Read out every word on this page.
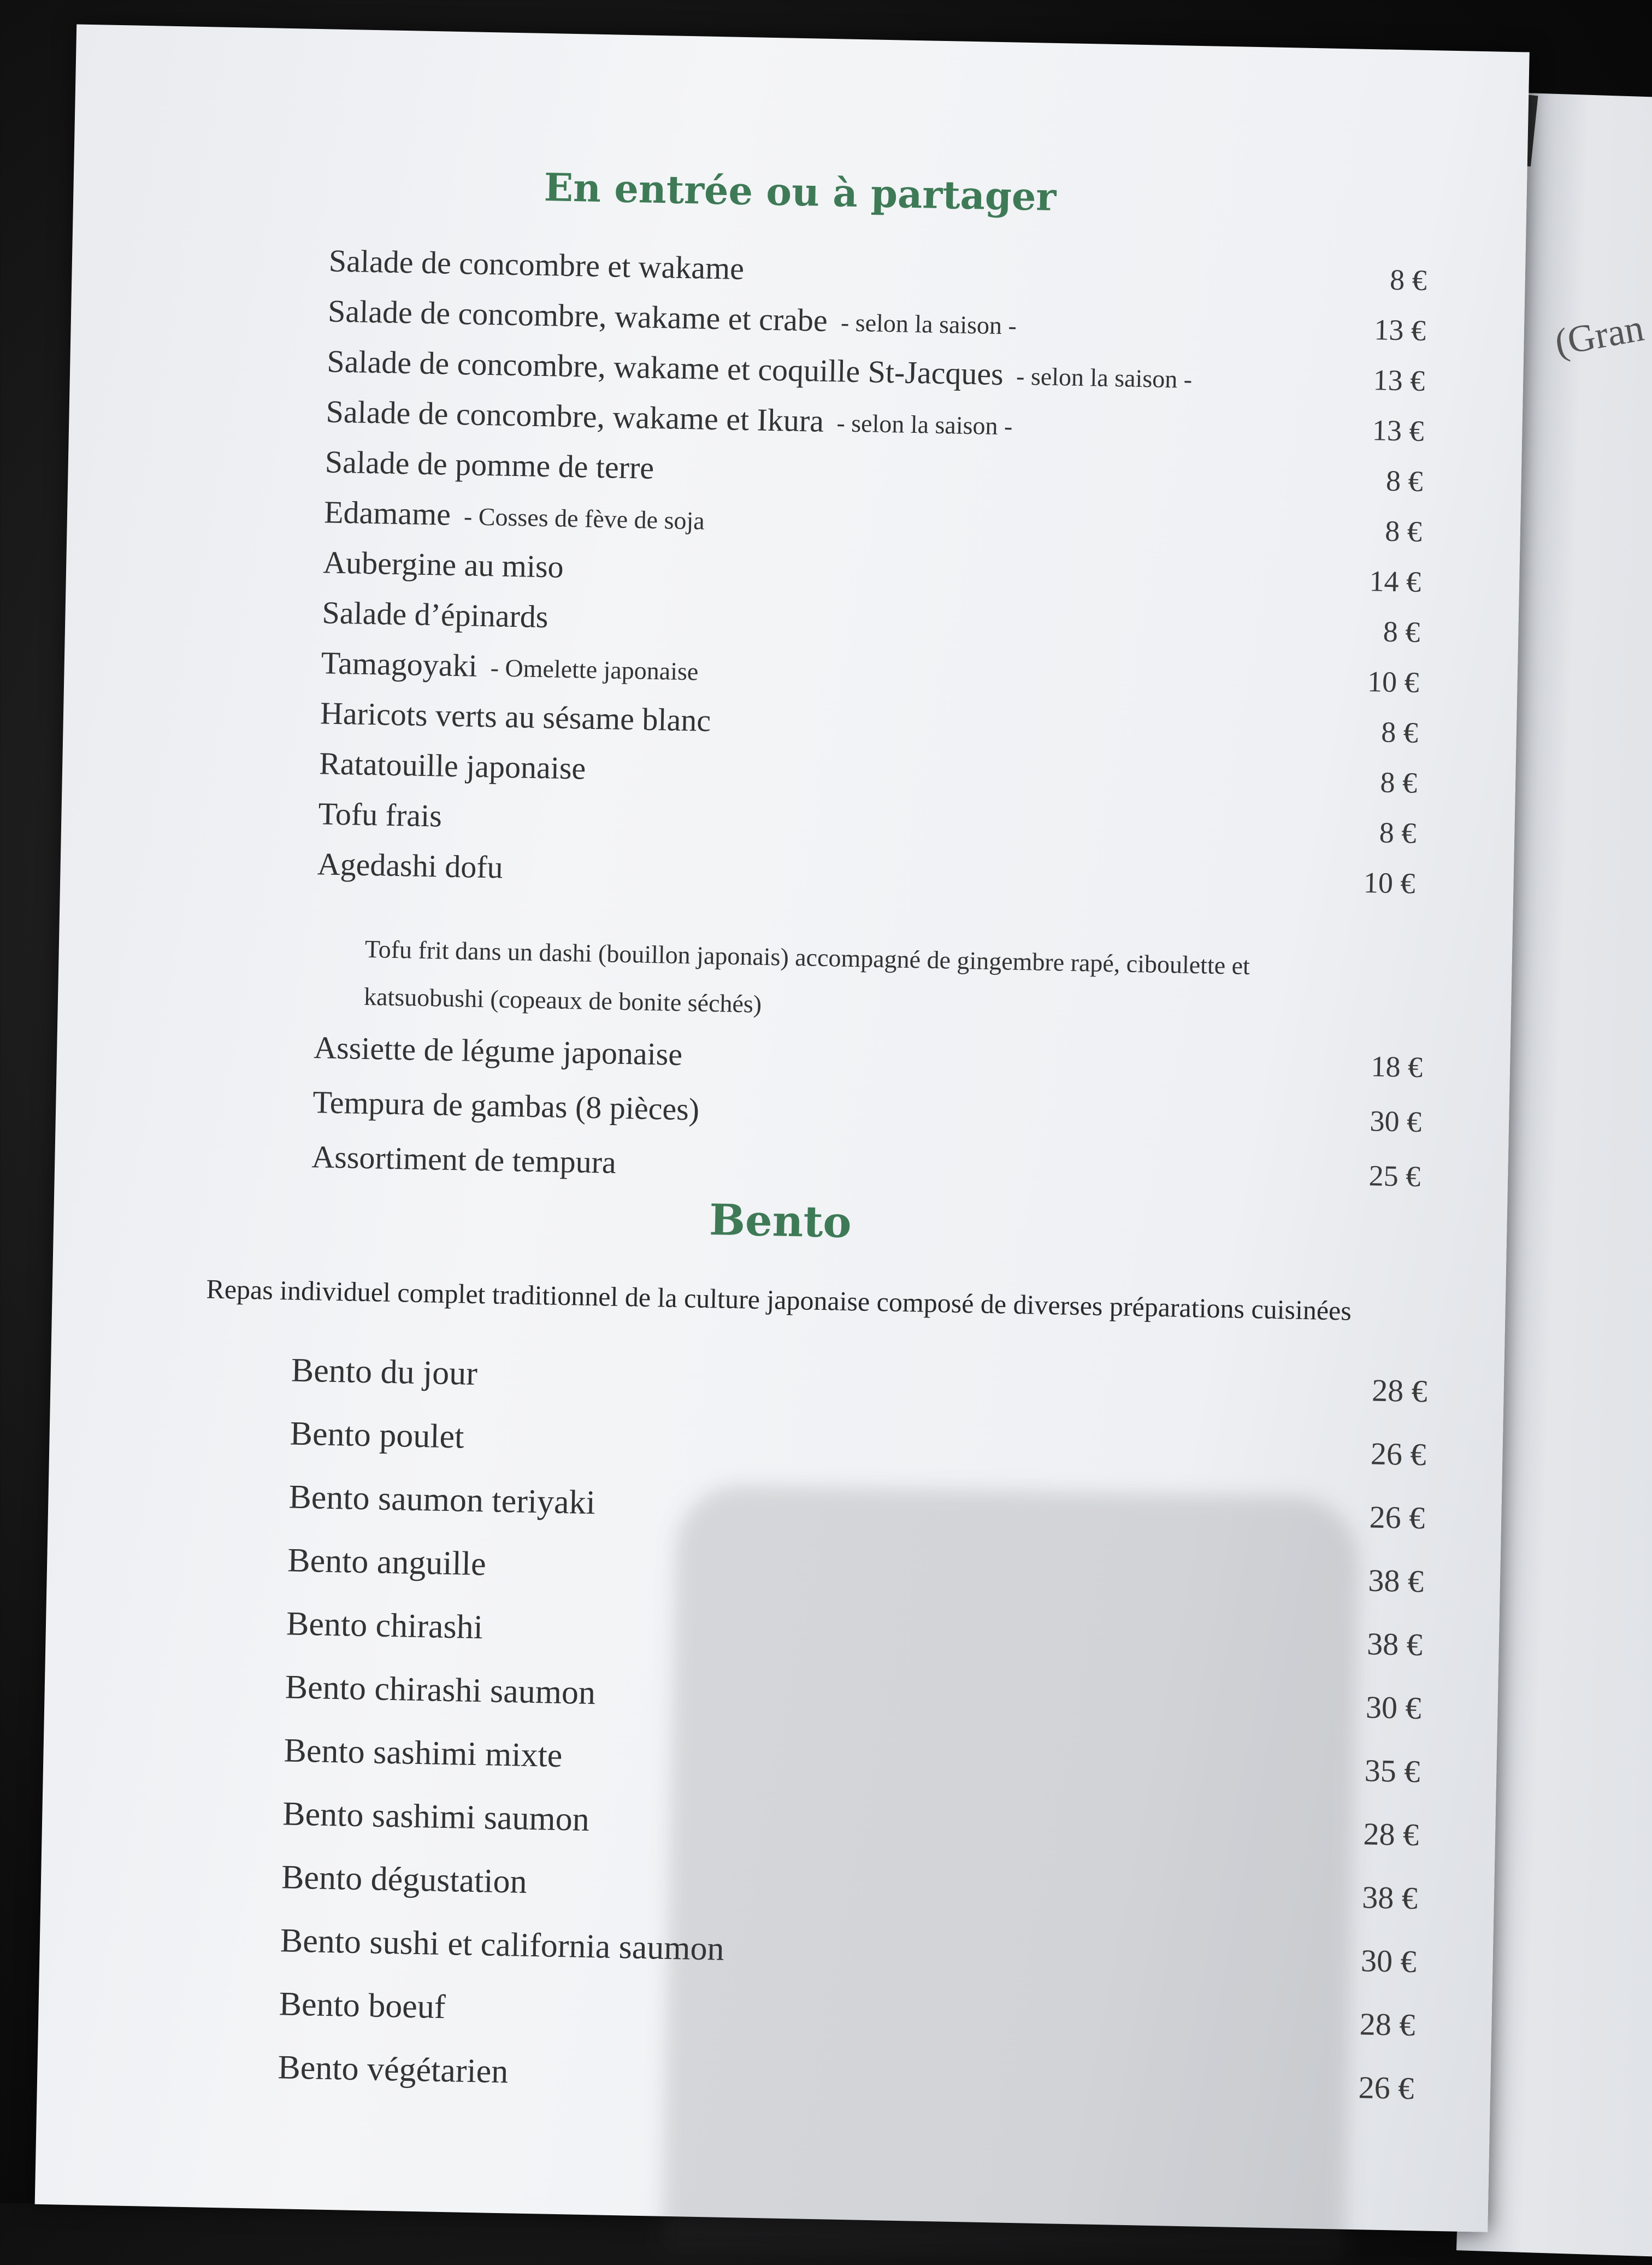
(Gran
En entrée ou à partager
Salade de concombre et wakame	8 €
Salade de concombre, wakame et crabe - selon la saison -	13 €
Salade de concombre, wakame et coquille St-Jacques - selon la saison -	13 €
Salade de concombre, wakame et Ikura - selon la saison -	13 €
Salade de pomme de terre	8 €
Edamame - Cosses de fève de soja	8 €
Aubergine au miso	14 €
Salade d’épinards	8 €
Tamagoyaki - Omelette japonaise	10 €
Haricots verts au sésame blanc	8 €
Ratatouille japonaise	8 €
Tofu frais	8 €
Agedashi dofu	10 €
Tofu frit dans un dashi (bouillon japonais) accompagné de gingembre rapé, ciboulette et
katsuobushi (copeaux de bonite séchés)
Assiette de légume japonaise	18 €
Tempura de gambas (8 pièces)	30 €
Assortiment de tempura	25 €
Bento
Repas individuel complet traditionnel de la culture japonaise composé de diverses préparations cuisinées
Bento du jour	28 €
Bento poulet	26 €
Bento saumon teriyaki	26 €
Bento anguille	38 €
Bento chirashi	38 €
Bento chirashi saumon	30 €
Bento sashimi mixte	35 €
Bento sashimi saumon	28 €
Bento dégustation	38 €
Bento sushi et california saumon	30 €
Bento boeuf	28 €
Bento végétarien	26 €
